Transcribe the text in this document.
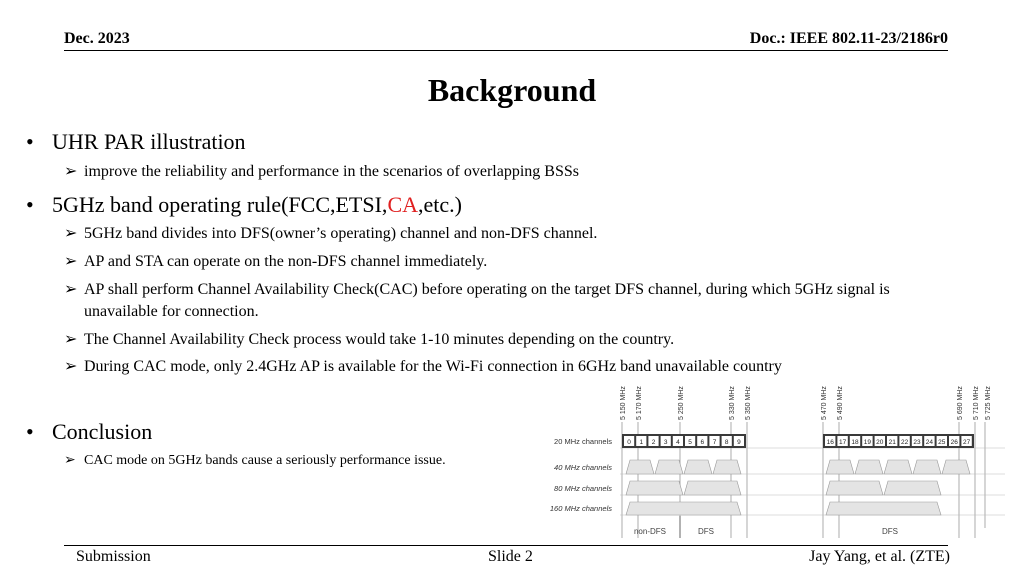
Dec. 2023	Doc.: IEEE 802.11-23/2186r0
Background
• UHR PAR illustration
➢ improve the reliability and performance in the scenarios of overlapping BSSs
• 5GHz band operating rule(FCC,ETSI,CA,etc.)
➢ 5GHz band divides into DFS(owner’s operating) channel and non-DFS channel.
➢ AP and STA can operate on the non-DFS channel immediately.
➢ AP shall perform Channel Availability Check(CAC) before operating on the target DFS channel, during which 5GHz signal is unavailable for connection.
➢ The Channel Availability Check process would take 1-10 minutes depending on the country.
➢ During CAC mode, only 2.4GHz AP is available for the Wi-Fi connection in 6GHz band unavailable country
• Conclusion
➢ CAC mode on 5GHz bands cause a seriously performance issue.
5 150 MHz 5 170 MHz	5 250 MHz	5 330 MHz 5 350 MHz	5 470 MHz 5 490 MHz	5 690 MHz 5 710 MHz 5 725 MHz
20 MHz channels
40 MHz channels
80 MHz channels
160 MHz channels
0 1 2 3 4 5 6 7 8 9	16 17 18 19 20 21 22 23 24 25 26 27
non-DFS	DFS	DFS
Submission	Slide 2	Jay Yang, et al. (ZTE)
